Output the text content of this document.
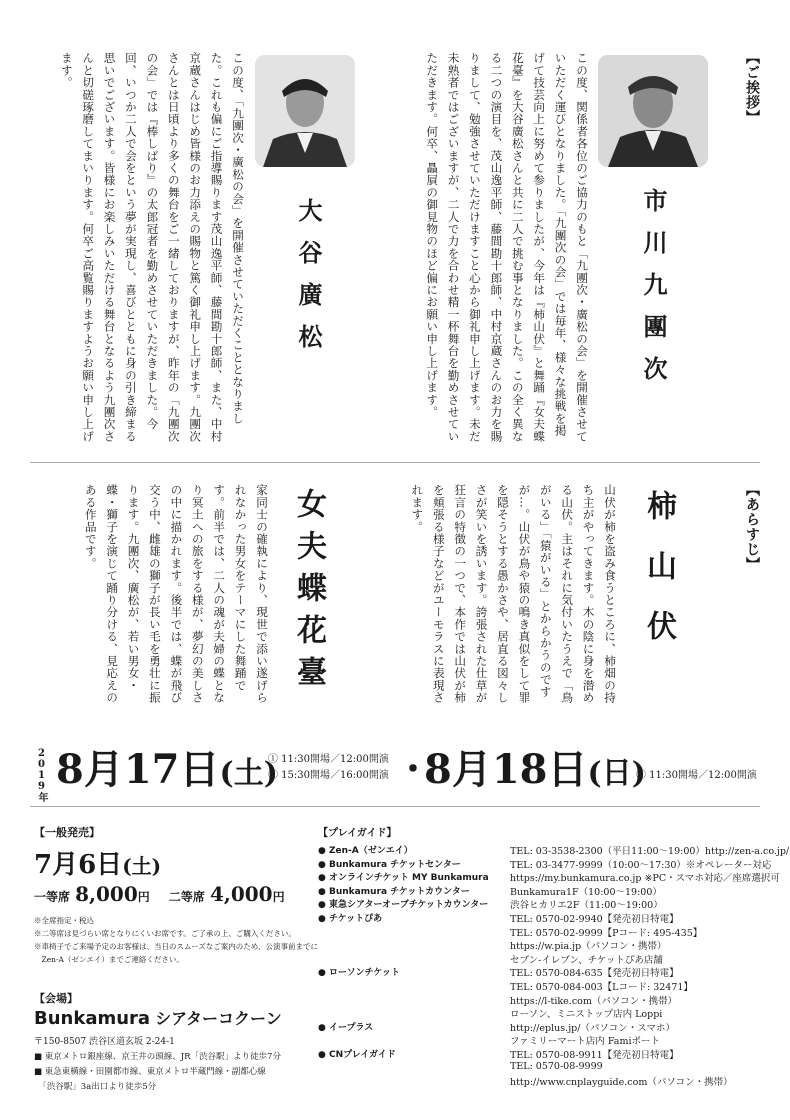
【ご挨拶】
市川九團次
この度、関係者各位のご協力のもと「九團次・廣松の会」を開催させていただく運びとなりました。「九團次の会」では毎年、様々な挑戦を掲げて技芸向上に努めて参りましたが、今年は『柿山伏』と舞踊『女夫蝶花臺』を大谷廣松さんと共に二人で挑む事となりました。この全く異なる二つの演目を、茂山逸平師、藤間勘十郎師、中村京蔵さんのお力を賜りまして、勉強させていただけますこと心から御礼申し上げます。未だ未熟者ではございますが、二人で力を合わせ精一杯舞台を勤めさせていただきます。何卒、贔屓の御見物のほど偏にお願い申し上げます。
大谷廣松
この度、「九團次・廣松の会」を開催させていただくこととなりました。これも偏にご指導賜ります茂山逸平師、藤間勘十郎師、また、中村京蔵さんはじめ皆様のお力添えの賜物と篤く御礼申し上げます。九團次さんとは日頃より多くの舞台をご一緒しておりますが、昨年の「九團次の会」では『棒しばり』の太郎冠者を勤めさせていただきました。今回、いつか二人で会をという夢が実現し、喜びとともに身の引き締まる思いでございます。皆様にお楽しみいただける舞台となるよう九團次さんと切磋琢磨してまいります。何卒ご高覧賜りますようお願い申し上げます。
【あらすじ】
柿山伏
山伏が柿を盗み食うところに、柿畑の持ち主がやってきます。木の陰に身を潜める山伏。主はそれに気付いたうえで「鳥がいる」「猿がいる」とからかうのですが…。山伏が鳥や猿の鳴き真似をして罪を隠そうとする愚かさや、居直る図々しさが笑いを誘います。誇張された仕草が狂言の特徴の一つで、本作では山伏が柿を頬張る様子などがユーモラスに表現されます。
女夫蝶花臺
家同士の確執により、現世で添い遂げられなかった男女をテーマにした舞踊です。前半では、二人の魂が夫婦の蝶となり冥土への旅をする様が、夢幻の美しさの中に描かれます。後半では、蝶が飛び交う中、雌雄の獅子が長い毛を勇壮に振ります。九團次、廣松が、若い男女・蝶・獅子を演じて踊り分ける、見応えのある作品です。
2019年 8月17日(土)
① 11:30開場／12:00開演
② 15:30開場／16:00開演 ・
8月18日(日)
① 11:30開場／12:00開演
【一般発売】
7月6日(土)
一等席 8,000円 二等席 4,000円
※全席指定・税込
※二等席は見づらい席となりにくいお席です。ご了承の上、ご購入ください。
※車椅子でご来場予定のお客様は、当日のスムーズなご案内のため、公演事前までに
　Zen-A（ゼンエイ）までご連絡ください。
【会場】
Bunkamura シアターコクーン
〒150-8507 渋谷区道玄坂 2-24-1
■ 東京メトロ銀座線、京王井の頭線、JR「渋谷駅」より徒歩7分
■ 東急東横線・田園都市線、東京メトロ半蔵門線・副都心線
　「渋谷駅」3a出口より徒歩5分
【プレイガイド】
● Zen-A（ゼンエイ）	TEL: 03-3538-2300（平日11:00〜19:00）http://zen-a.co.jp/
● Bunkamura チケットセンター	TEL: 03-3477-9999（10:00〜17:30）※オペレーター対応
● オンラインチケット MY Bunkamura https://my.bunkamura.co.jp ※PC・スマホ対応／座席選択可
● Bunkamura チケットカウンター	Bunkamura1F（10:00〜19:00）
● 東急シアターオーブチケットカウンター 渋谷ヒカリエ2F（11:00〜19:00）
● チケットぴあ	TEL: 0570-02-9940【発売初日特電】
TEL: 0570-02-9999【Pコード: 495-435】
https://w.pia.jp（パソコン・携帯）
セブン-イレブン、チケットぴあ店舗
● ローソンチケット	TEL: 0570-084-635【発売初日特電】
TEL: 0570-084-003【Lコード: 32471】
https://l-tike.com（パソコン・携帯）
ローソン、ミニストップ店内 Loppi
● イープラス	http://eplus.jp/（パソコン・スマホ）
ファミリーマート店内 Famiポート
● CNプレイガイド	TEL: 0570-08-9911【発売初日特電】
TEL: 0570-08-9999
http://www.cnplayguide.com（パソコン・携帯）
